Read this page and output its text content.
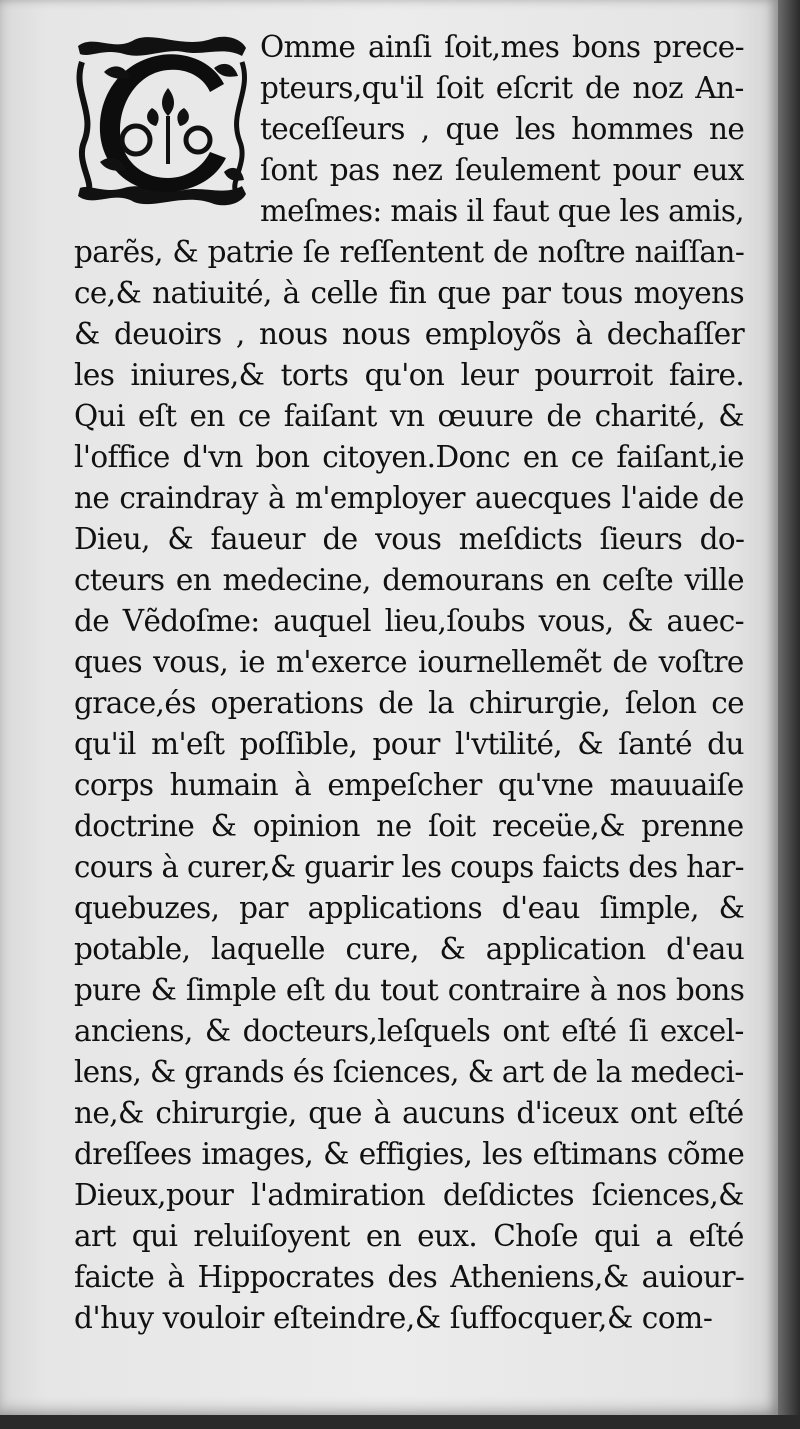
Omme ainſi ſoit,mes bons prece-
pteurs,qu'il ſoit eſcrit de noz An-
teceſſeurs , que les hommes ne
ſont pas nez ſeulement pour eux
meſmes: mais il faut que les amis,
parẽs, & patrie ſe reſſentent de noſtre naiſſan-
ce,& natiuité, à celle fin que par tous moyens
& deuoirs , nous nous employõs à dechaſſer
les iniures,& torts qu'on leur pourroit faire.
Qui eſt en ce faiſant vn œuure de charité, &
l'office d'vn bon citoyen.Donc en ce faiſant,ie
ne craindray à m'employer auecques l'aide de
Dieu, & faueur de vous meſdicts ſieurs do-
cteurs en medecine, demourans en ceſte ville
de Vẽdoſme: auquel lieu,ſoubs vous, & auec-
ques vous, ie m'exerce iournellemẽt de voſtre
grace,és operations de la chirurgie, ſelon ce
qu'il m'eſt poſſible, pour l'vtilité, & ſanté du
corps humain à empeſcher qu'vne mauuaiſe
doctrine & opinion ne ſoit receüe,& prenne
cours à curer,& guarir les coups faicts des har-
quebuzes, par applications d'eau ſimple, &
potable, laquelle cure, & application d'eau
pure & ſimple eſt du tout contraire à nos bons
anciens, & docteurs,leſquels ont eſté ſi excel-
lens, & grands és ſciences, & art de la medeci-
ne,& chirurgie, que à aucuns d'iceux ont eſté
dreſſees images, & effigies, les eſtimans cõme
Dieux,pour l'admiration deſdictes ſciences,&
art qui reluiſoyent en eux. Choſe qui a eſté
faicte à Hippocrates des Atheniens,& auiour-
d'huy vouloir eſteindre,& ſuffocquer,& com-
